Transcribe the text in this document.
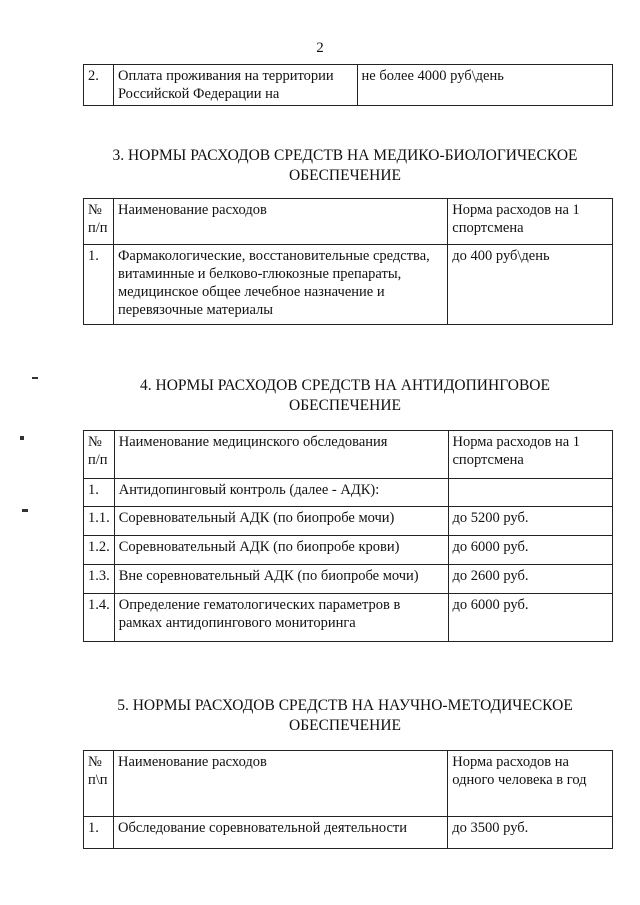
2
2.	Оплата проживания на территории Российской Федерации на	не более 4000 руб\день
3. НОРМЫ РАСХОДОВ СРЕДСТВ НА МЕДИКО-БИОЛОГИЧЕСКОЕ
ОБЕСПЕЧЕНИЕ
№ п/п	Наименование расходов	Норма расходов на 1 спортсмена
1.	Фармакологические, восстановительные средства, витаминные и белково-глюкозные препараты, медицинское общее лечебное назначение и перевязочные материалы	до 400 руб\день
4. НОРМЫ РАСХОДОВ СРЕДСТВ НА АНТИДОПИНГОВОЕ
ОБЕСПЕЧЕНИЕ
№ п/п	Наименование медицинского обследования	Норма расходов на 1 спортсмена
1.	Антидопинговый контроль (далее - АДК):	
1.1.	Соревновательный АДК (по биопробе мочи)	до 5200 руб.
1.2.	Соревновательный АДК (по биопробе крови)	до 6000 руб.
1.3.	Вне соревновательный АДК (по биопробе мочи)	до 2600 руб.
1.4.	Определение гематологических параметров в рамках антидопингового мониторинга	до 6000 руб.
5. НОРМЫ РАСХОДОВ СРЕДСТВ НА НАУЧНО-МЕТОДИЧЕСКОЕ
ОБЕСПЕЧЕНИЕ
№ п\п	Наименование расходов	Норма расходов на одного человека в год
1.	Обследование соревновательной деятельности	до 3500 руб.
